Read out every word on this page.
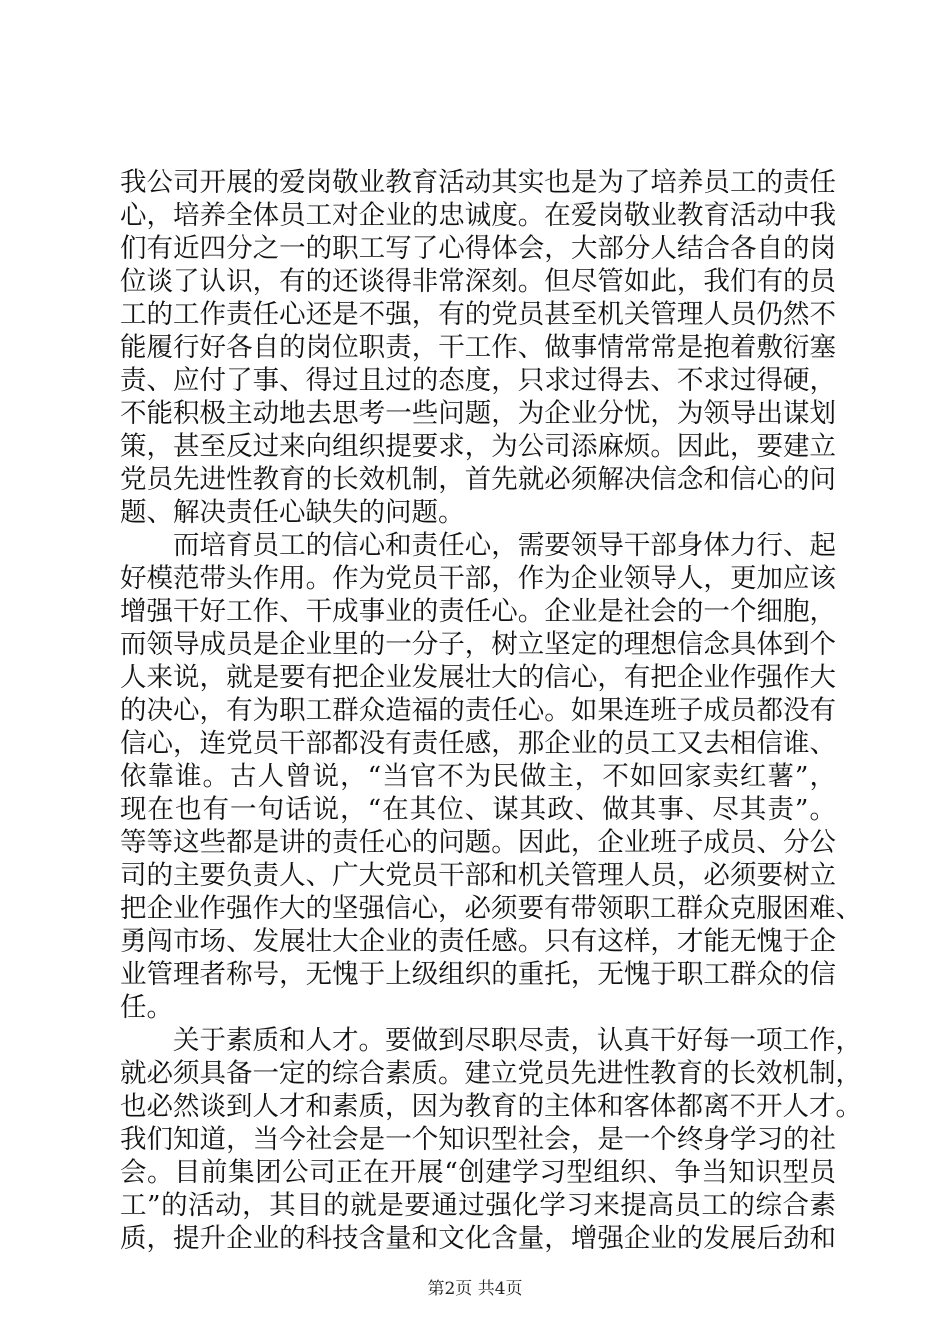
我公司开展的爱岗敬业教育活动其实也是为了培养员工的责任
心，培养全体员工对企业的忠诚度。在爱岗敬业教育活动中我
们有近四分之一的职工写了心得体会，大部分人结合各自的岗
位谈了认识，有的还谈得非常深刻。但尽管如此，我们有的员
工的工作责任心还是不强，有的党员甚至机关管理人员仍然不
能履行好各自的岗位职责，干工作、做事情常常是抱着敷衍塞
责、应付了事、得过且过的态度，只求过得去、不求过得硬，
不能积极主动地去思考一些问题，为企业分忧，为领导出谋划
策，甚至反过来向组织提要求，为公司添麻烦。因此，要建立
党员先进性教育的长效机制，首先就必须解决信念和信心的问
题、解决责任心缺失的问题。
而培育员工的信心和责任心，需要领导干部身体力行、起
好模范带头作用。作为党员干部，作为企业领导人，更加应该
增强干好工作、干成事业的责任心。企业是社会的一个细胞，
而领导成员是企业里的一分子，树立坚定的理想信念具体到个
人来说，就是要有把企业发展壮大的信心，有把企业作强作大
的决心，有为职工群众造福的责任心。如果连班子成员都没有
信心，连党员干部都没有责任感，那企业的员工又去相信谁、
依靠谁。古人曾说，“当官不为民做主，不如回家卖红薯”，
现在也有一句话说，“在其位、谋其政、做其事、尽其责”。
等等这些都是讲的责任心的问题。因此，企业班子成员、分公
司的主要负责人、广大党员干部和机关管理人员，必须要树立
把企业作强作大的坚强信心，必须要有带领职工群众克服困难、
勇闯市场、发展壮大企业的责任感。只有这样，才能无愧于企
业管理者称号，无愧于上级组织的重托，无愧于职工群众的信
任。
关于素质和人才。要做到尽职尽责，认真干好每一项工作，
就必须具备一定的综合素质。建立党员先进性教育的长效机制，
也必然谈到人才和素质，因为教育的主体和客体都离不开人才。
我们知道，当今社会是一个知识型社会，是一个终身学习的社
会。目前集团公司正在开展“创建学习型组织、争当知识型员
工”的活动，其目的就是要通过强化学习来提高员工的综合素
质，提升企业的科技含量和文化含量，增强企业的发展后劲和
第2页 共4页
